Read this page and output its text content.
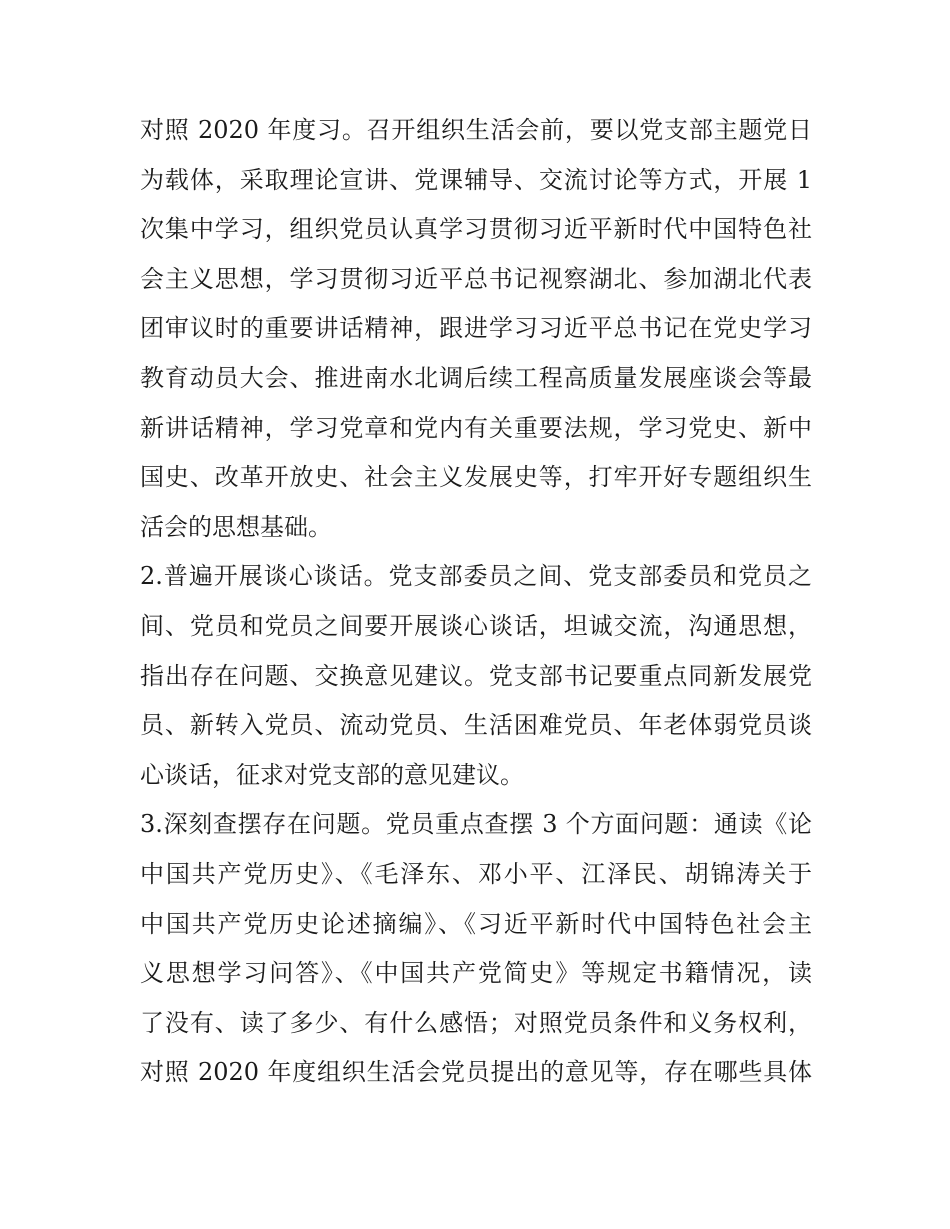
对照 2020 年度习。召开组织生活会前，要以党支部主题党日
为载体，采取理论宣讲、党课辅导、交流讨论等方式，开展 1
次集中学习，组织党员认真学习贯彻习近平新时代中国特色社
会主义思想，学习贯彻习近平总书记视察湖北、参加湖北代表
团审议时的重要讲话精神，跟进学习习近平总书记在党史学习
教育动员大会、推进南水北调后续工程高质量发展座谈会等最
新讲话精神，学习党章和党内有关重要法规，学习党史、新中
国史、改革开放史、社会主义发展史等，打牢开好专题组织生
活会的思想基础。
2.普遍开展谈心谈话。党支部委员之间、党支部委员和党员之
间、党员和党员之间要开展谈心谈话，坦诚交流，沟通思想，
指出存在问题、交换意见建议。党支部书记要重点同新发展党
员、新转入党员、流动党员、生活困难党员、年老体弱党员谈
心谈话，征求对党支部的意见建议。
3.深刻查摆存在问题。党员重点查摆 3 个方面问题：通读《论
中国共产党历史》、《毛泽东、邓小平、江泽民、胡锦涛关于
中国共产党历史论述摘编》、《习近平新时代中国特色社会主
义思想学习问答》、《中国共产党简史》等规定书籍情况，读
了没有、读了多少、有什么感悟；对照党员条件和义务权利，
对照 2020 年度组织生活会党员提出的意见等，存在哪些具体
